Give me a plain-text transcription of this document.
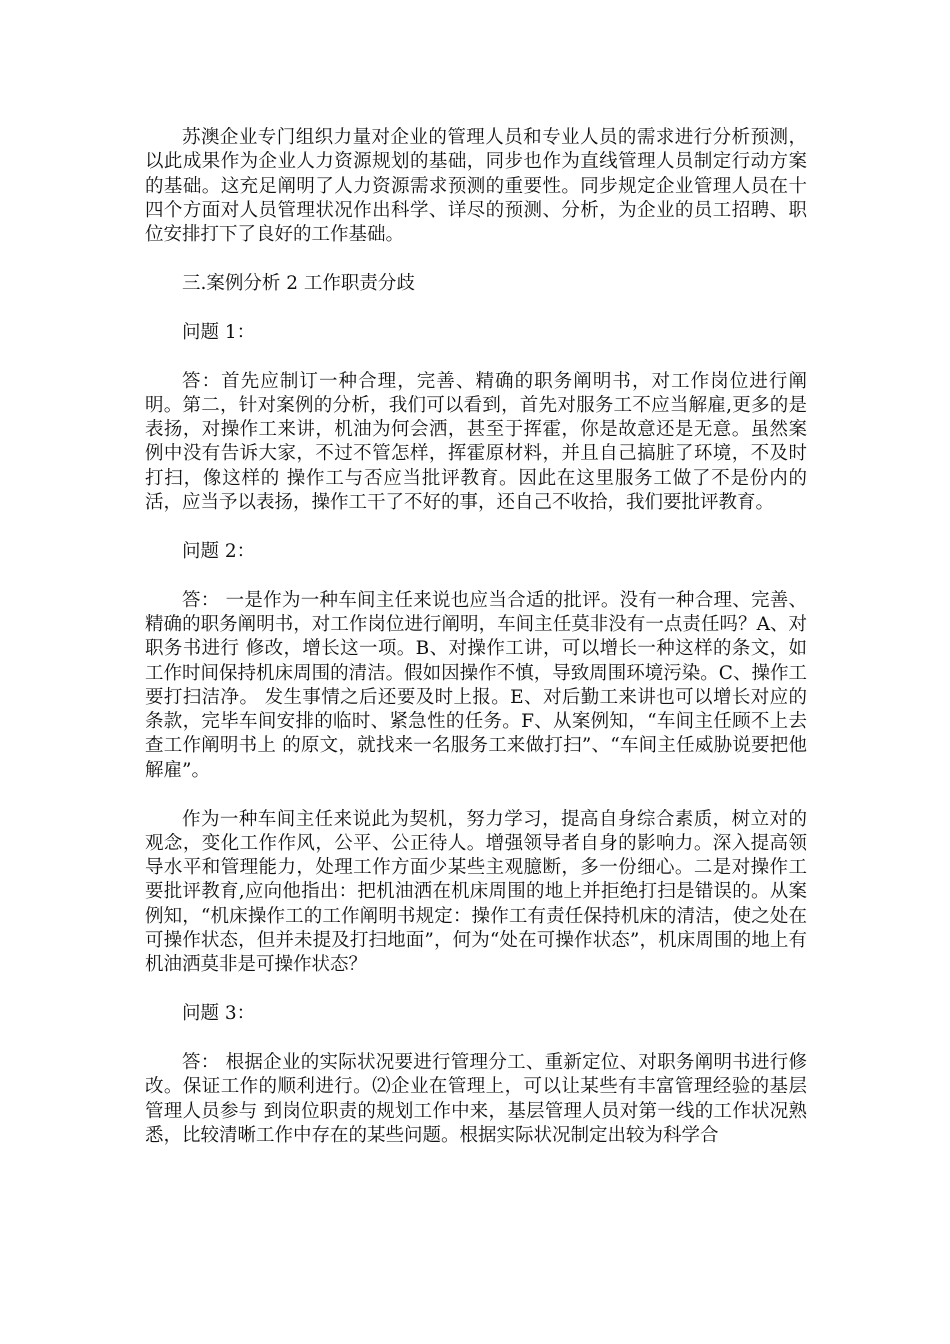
苏澳企业专门组织力量对企业的管理人员和专业人员的需求进行分析预测，以此成果作为企业人力资源规划的基础，同步也作为直线管理人员制定行动方案的基础。这充足阐明了人力资源需求预测的重要性。同步规定企业管理人员在十四个方面对人员管理状况作出科学、详尽的预测、分析，为企业的员工招聘、职位安排打下了良好的工作基础。

三.案例分析 2 工作职责分歧

问题 1：

答：首先应制订一种合理，完善、精确的职务阐明书，对工作岗位进行阐明。第二，针对案例的分析，我们可以看到，首先对服务工不应当解雇,更多的是表扬，对操作工来讲，机油为何会洒，甚至于挥霍，你是故意还是无意。虽然案例中没有告诉大家，不过不管怎样，挥霍原材料，并且自己搞脏了环境，不及时打扫，像这样的 操作工与否应当批评教育。因此在这里服务工做了不是份内的活，应当予以表扬，操作工干了不好的事，还自己不收拾，我们要批评教育。

问题 2：

答： 一是作为一种车间主任来说也应当合适的批评。没有一种合理、完善、精确的职务阐明书，对工作岗位进行阐明，车间主任莫非没有一点责任吗？A、对职务书进行 修改，增长这一项。B、对操作工讲，可以增长一种这样的条文，如工作时间保持机床周围的清洁。假如因操作不慎，导致周围环境污染。C、操作工要打扫洁净。 发生事情之后还要及时上报。E、对后勤工来讲也可以增长对应的条款，完毕车间安排的临时、紧急性的任务。F、从案例知，“车间主任顾不上去查工作阐明书上 的原文，就找来一名服务工来做打扫”、“车间主任威胁说要把他解雇”。

作为一种车间主任来说此为契机，努力学习，提高自身综合素质，树立对的观念，变化工作作风，公平、公正待人。增强领导者自身的影响力。深入提高领导水平和管理能力，处理工作方面少某些主观臆断，多一份细心。二是对操作工要批评教育,应向他指出：把机油洒在机床周围的地上并拒绝打扫是错误的。从案例知，“机床操作工的工作阐明书规定：操作工有责任保持机床的清洁，使之处在可操作状态，但并未提及打扫地面”，何为“处在可操作状态”，机床周围的地上有机油洒莫非是可操作状态？

问题 3：

答： 根据企业的实际状况要进行管理分工、重新定位、对职务阐明书进行修改。保证工作的顺利进行。⑵企业在管理上，可以让某些有丰富管理经验的基层管理人员参与 到岗位职责的规划工作中来，基层管理人员对第一线的工作状况熟悉，比较清晰工作中存在的某些问题。根据实际状况制定出较为科学合
